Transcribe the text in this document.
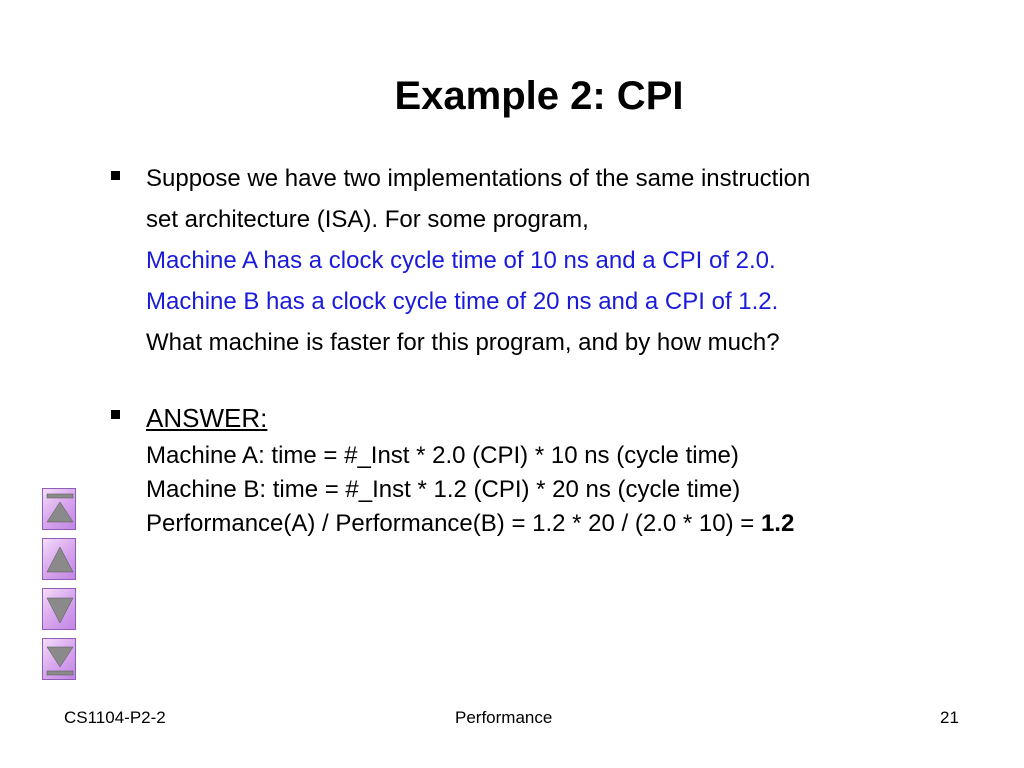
Example 2: CPI

Suppose we have two implementations of the same instruction

set architecture (ISA). For some program,

Machine A has a clock cycle time of 10 ns and a CPI of 2.0.

Machine B has a clock cycle time of 20 ns and a CPI of 1.2.

What machine is faster for this program, and by how much?

ANSWER:

Machine A: time = #_Inst * 2.0 (CPI) * 10 ns (cycle time)

Machine B: time = #_Inst * 1.2 (CPI) * 20 ns (cycle time)

Performance(A) / Performance(B) = 1.2 * 20 / (2.0 * 10) = 1.2

CS1104-P2-2	Performance	21
